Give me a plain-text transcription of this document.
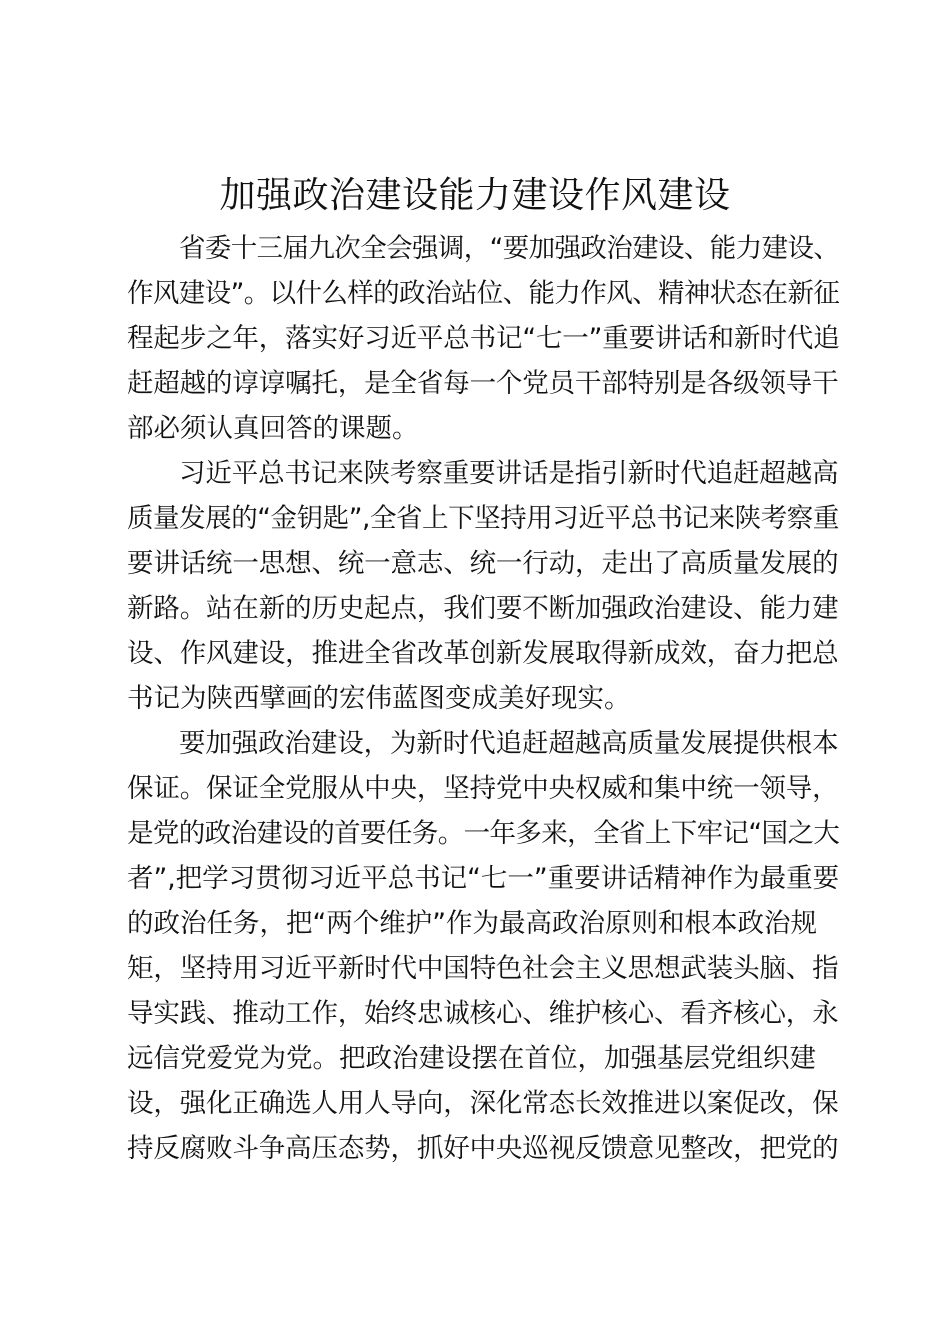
加强政治建设能力建设作风建设
省委十三届九次全会强调，“要加强政治建设、能力建设、
作风建设”。以什么样的政治站位、能力作风、精神状态在新征
程起步之年，落实好习近平总书记“七一”重要讲话和新时代追
赶超越的谆谆嘱托，是全省每一个党员干部特别是各级领导干
部必须认真回答的课题。
习近平总书记来陕考察重要讲话是指引新时代追赶超越高
质量发展的“金钥匙”,全省上下坚持用习近平总书记来陕考察重
要讲话统一思想、统一意志、统一行动，走出了高质量发展的
新路。站在新的历史起点，我们要不断加强政治建设、能力建
设、作风建设，推进全省改革创新发展取得新成效，奋力把总
书记为陕西擘画的宏伟蓝图变成美好现实。
要加强政治建设，为新时代追赶超越高质量发展提供根本
保证。保证全党服从中央，坚持党中央权威和集中统一领导，
是党的政治建设的首要任务。一年多来，全省上下牢记“国之大
者”,把学习贯彻习近平总书记“七一”重要讲话精神作为最重要
的政治任务，把“两个维护”作为最高政治原则和根本政治规
矩，坚持用习近平新时代中国特色社会主义思想武装头脑、指
导实践、推动工作，始终忠诚核心、维护核心、看齐核心，永
远信党爱党为党。把政治建设摆在首位，加强基层党组织建
设，强化正确选人用人导向，深化常态长效推进以案促改，保
持反腐败斗争高压态势，抓好中央巡视反馈意见整改，把党的
